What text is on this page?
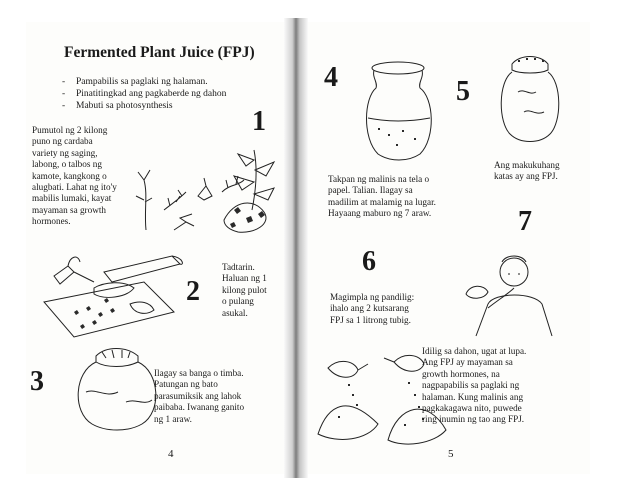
Fermented Plant Juice (FPJ)
- Pampabilis sa paglaki ng halaman.
- Pinatitingkad ang pagkaberde ng dahon
- Mabuti sa photosynthesis	1
Pumutol ng 2 kilong
puno ng cardaba
variety ng saging,
labong, o talbos ng
kamote, kangkong o
alugbati. Lahat ng ito'y
mabilis lumaki, kayat
mayaman sa growth
hormones.
2
Tadtarin.
Haluan ng 1
kilong pulot
o pulang
asukal.
3	Ilagay sa banga o timba.
Patungan ng bato
parasumiksik ang lahok
paibaba. Iwanang ganito
ng 1 araw.
4
4
Takpan ng malinis na tela o
papel. Talian. Ilagay sa
madilim at malamig na lugar.
Hayaang maburo ng 7 araw.
5
Ang makukuhang
katas ay ang FPJ.
6
Magimpla ng pandilig:
ihalo ang 2 kutsarang
FPJ sa 1 litrong tubig.
7
Idilig sa dahon, ugat at lupa.
Ang FPJ ay mayaman sa
growth hormones, na
nagpapabilis sa paglaki ng
halaman. Kung malinis ang
pagkakagawa nito, puwede
ring inumin ng tao ang FPJ.
5
